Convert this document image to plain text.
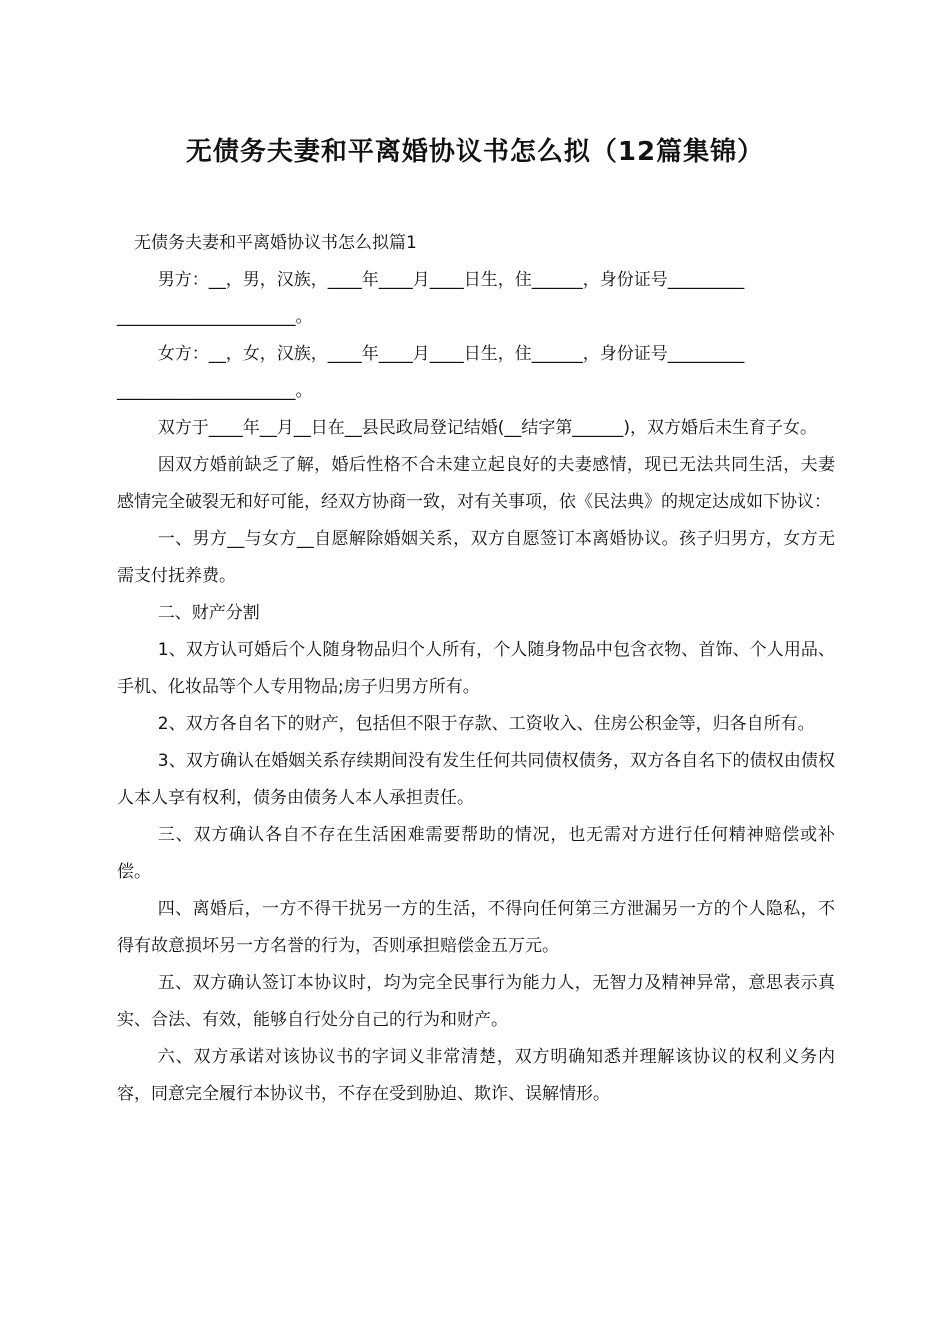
无债务夫妻和平离婚协议书怎么拟（12篇集锦）

无债务夫妻和平离婚协议书怎么拟篇1

男方：__，男，汉族，____年____月____日生，住______，身份证号_________

_____________________。

女方：__，女，汉族，____年____月____日生，住______，身份证号_________

_____________________。

双方于____年__月__日在__县民政局登记结婚(__结字第______)，双方婚后未生育子女。

因双方婚前缺乏了解，婚后性格不合未建立起良好的夫妻感情，现已无法共同生活，夫妻感情完全破裂无和好可能，经双方协商一致，对有关事项，依《民法典》的规定达成如下协议：

一、男方__与女方__自愿解除婚姻关系，双方自愿签订本离婚协议。孩子归男方，女方无需支付抚养费。

二、财产分割

1、双方认可婚后个人随身物品归个人所有，个人随身物品中包含衣物、首饰、个人用品、手机、化妆品等个人专用物品;房子归男方所有。

2、双方各自名下的财产，包括但不限于存款、工资收入、住房公积金等，归各自所有。

3、双方确认在婚姻关系存续期间没有发生任何共同债权债务，双方各自名下的债权由债权人本人享有权利，债务由债务人本人承担责任。

三、双方确认各自不存在生活困难需要帮助的情况，也无需对方进行任何精神赔偿或补偿。

四、离婚后，一方不得干扰另一方的生活，不得向任何第三方泄漏另一方的个人隐私，不得有故意损坏另一方名誉的行为，否则承担赔偿金五万元。

五、双方确认签订本协议时，均为完全民事行为能力人，无智力及精神异常，意思表示真实、合法、有效，能够自行处分自己的行为和财产。

六、双方承诺对该协议书的字词义非常清楚，双方明确知悉并理解该协议的权利义务内容，同意完全履行本协议书，不存在受到胁迫、欺诈、误解情形。
